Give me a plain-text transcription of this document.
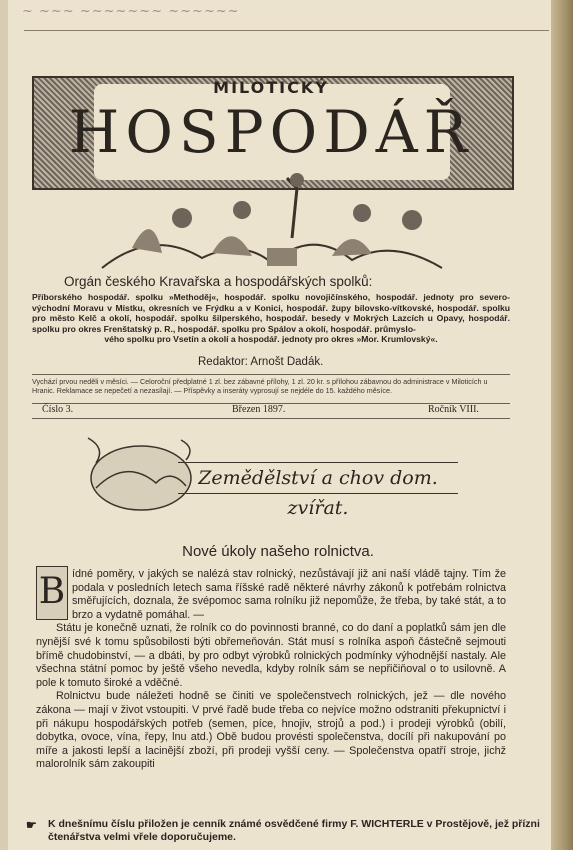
~ ~~~ ~~~~~~~ ~~~~~~
MILOTICKÝ
HOSPODÁŘ
Orgán českého Kravařska a hospodářských spolků:
Příborského hospodář. spolku »Methoděj«, hospodář. spolku novojičínského, hospodář. jednoty pro severo-východní Moravu v Místku, okresních ve Frýdku a v Konici, hospodář. župy bílovsko-vítkovské, hospodář. spolku pro město Kelč a okolí, hospodář. spolku šilperského, hospodář. besedy v Mokrých Lazcích u Opavy, hospodář. spolku pro okres Frenštatský p. R., hospodář. spolku pro Spálov a okolí, hospodář. průmyslo-
vého spolku pro Vsetín a okolí a hospodář. jednoty pro okres »Mor. Krumlovský«.
Redaktor: Arnošt Dadák.
Vychází prvou neděli v měsíci. — Celoroční předplatné 1 zl. bez zábavné přílohy, 1 zl. 20 kr. s přílohou zábavnou do administrace v Miloticích u Hranic. Reklamace se nepečetí a nezasílají. — Příspěvky a inseráty vyprosují se nejdéle do 15. každého měsíce.
Číslo 3.	Březen 1897.	Ročník VIII.
Zemědělství a chov dom. zvířat.
Nové úkoly našeho rolnictva.
B ídné poměry, v jakých se nalézá stav rolnický, nezůstávají již ani naší vládě tajny. Tím že podala v posledních letech sama říšské radě některé návrhy zákonů k potřebám rolnictva směřujících, doznala, že svépomoc sama rolníku již nepomůže, že třeba, by také stát, a to brzo a vydatně pomáhal. —

Státu je konečně uznati, že rolník co do povinnosti branné, co do daní a poplatků sám jen dle nynější své k tomu spůsobilosti býti obřemeňován. Stát musí s rolníka aspoň částečně sejmouti břímě chudobinství, — a dbáti, by pro odbyt výrobků rolnických podmínky výhodnější nastaly. Ale všechna státní pomoc by ještě všeho nevedla, kdyby rolník sám se nepřičiňoval o to usilovně. A pole k tomuto široké a vděčné.

Rolnictvu bude náležeti hodně se činiti ve společenstvech rolnických, jež — dle nového zákona — mají v život vstoupiti. V prvé řadě bude třeba co nejvíce možno odstraniti překupnictví i při nákupu hospodářských potřeb (semen, píce, hnojiv, strojů a pod.) i prodeji výrobků (obilí, dobytka, ovoce, vína, řepy, lnu atd.) Obě budou provésti společenstva, docílí při nakupování po míře a jakosti lepší a lacinější zboží, při prodeji vyšší ceny. — Společenstva opatří stroje, jichž malorolník sám zakoupiti

☛ K dnešnímu číslu přiložen je cenník známé osvědčené firmy F. WICHTERLE v Prostějově, jež přízni čtenářstva velmi vřele doporučujeme.
